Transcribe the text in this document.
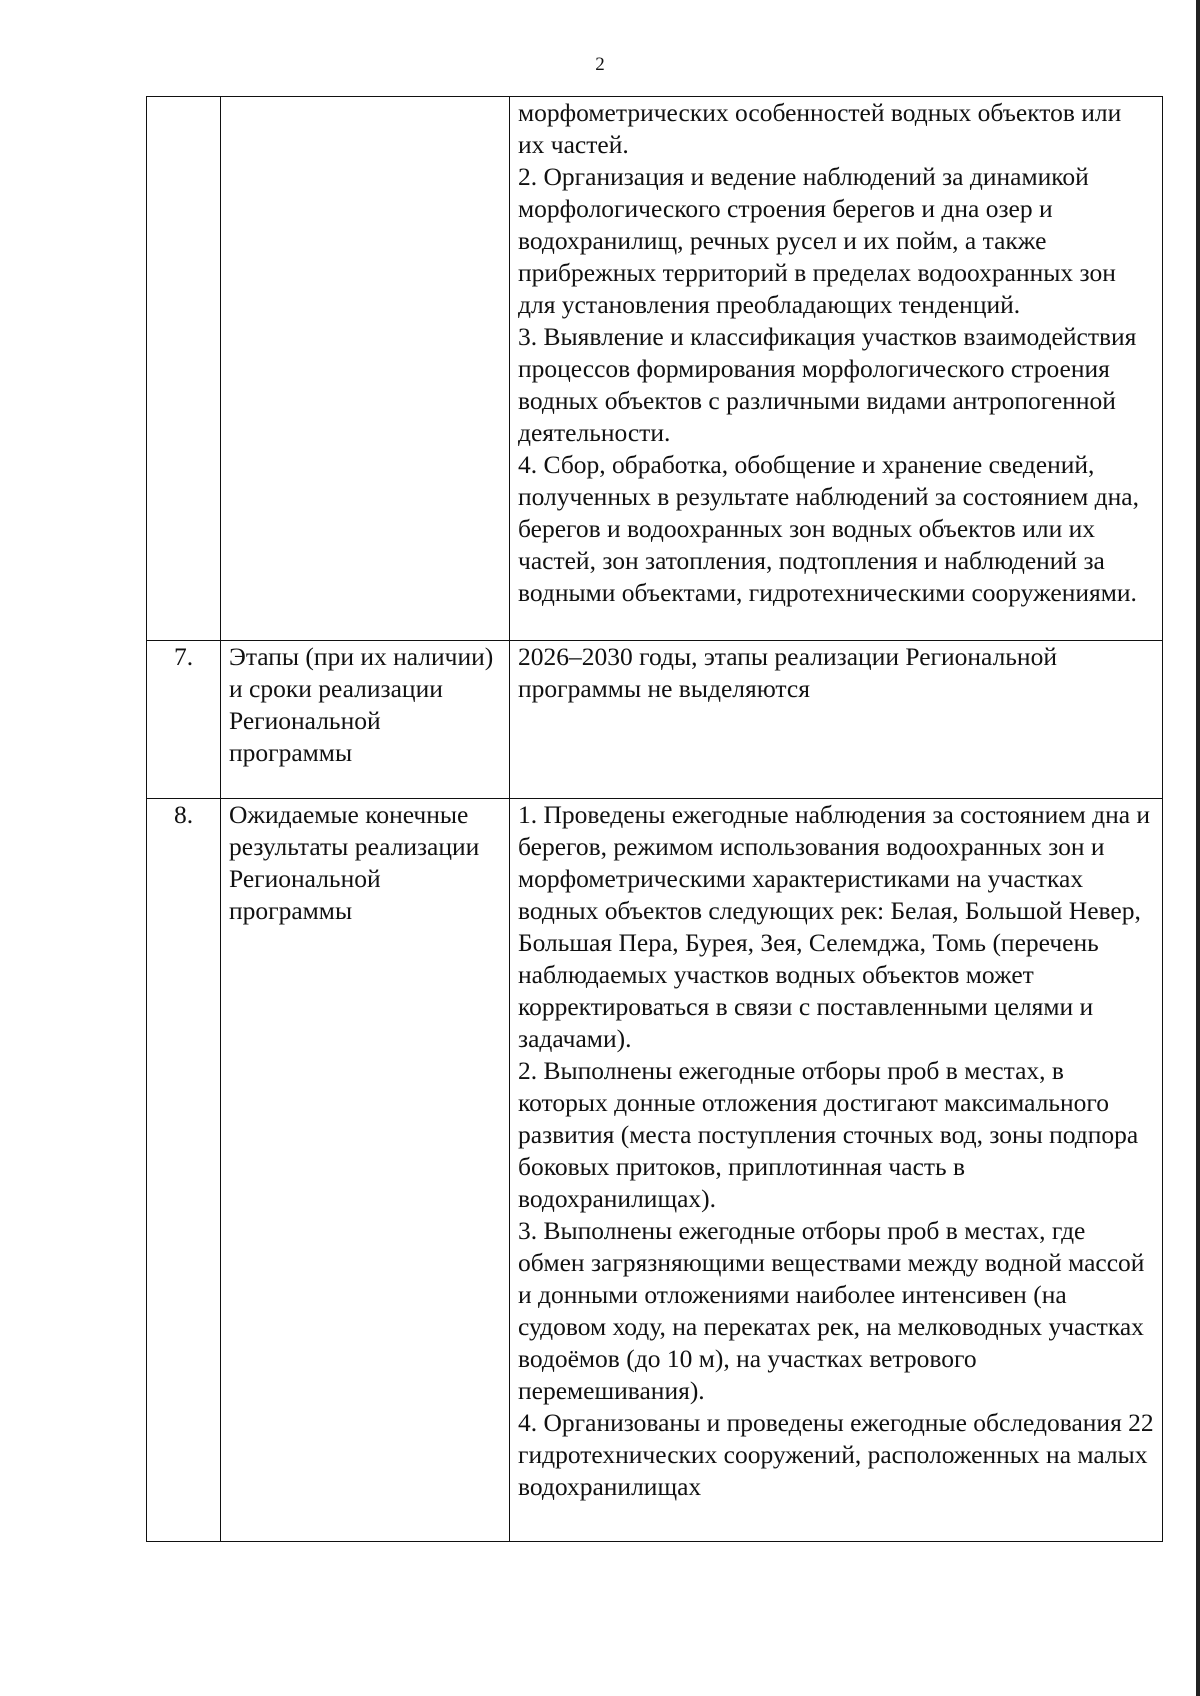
2

		морфометрических особенностей водных объектов или их частей.

2. Организация и ведение наблюдений за динамикой морфологического строения берегов и дна озер и водохранилищ, речных русел и их пойм, а также прибрежных территорий в пределах водоохранных зон для установления преобладающих тенденций.

3. Выявление и классификация участков взаимодействия процессов формирования морфологического строения водных объектов с различными видами антропогенной деятельности.

4. Сбор, обработка, обобщение и хранение сведений, полученных в результате наблюдений за состоянием дна, берегов и водоохранных зон водных объектов или их частей, зон затопления, подтопления и наблюдений за водными объектами, гидротехническими сооружениями.

7.	Этапы (при их наличии) и сроки реализации Региональной программы	2026–2030 годы, этапы реализации Региональной программы не выделяются

8.	Ожидаемые конечные результаты реализации Региональной программы	1. Проведены ежегодные наблюдения за состоянием дна и берегов, режимом использования водоохранных зон и морфометрическими характеристиками на участках водных объектов следующих рек: Белая, Большой Невер, Большая Пера, Бурея, Зея, Селемджа, Томь (перечень наблюдаемых участков водных объектов может корректироваться в связи с поставленными целями и задачами).

2. Выполнены ежегодные отборы проб в местах, в которых донные отложения достигают максимального развития (места поступления сточных вод, зоны подпора боковых притоков, приплотинная часть в водохранилищах).

3. Выполнены ежегодные отборы проб в местах, где обмен загрязняющими веществами между водной массой и донными отложениями наиболее интенсивен (на судовом ходу, на перекатах рек, на мелководных участках водоёмов (до 10 м), на участках ветрового перемешивания).

4. Организованы и проведены ежегодные обследования 22 гидротехнических сооружений, расположенных на малых водохранилищах
